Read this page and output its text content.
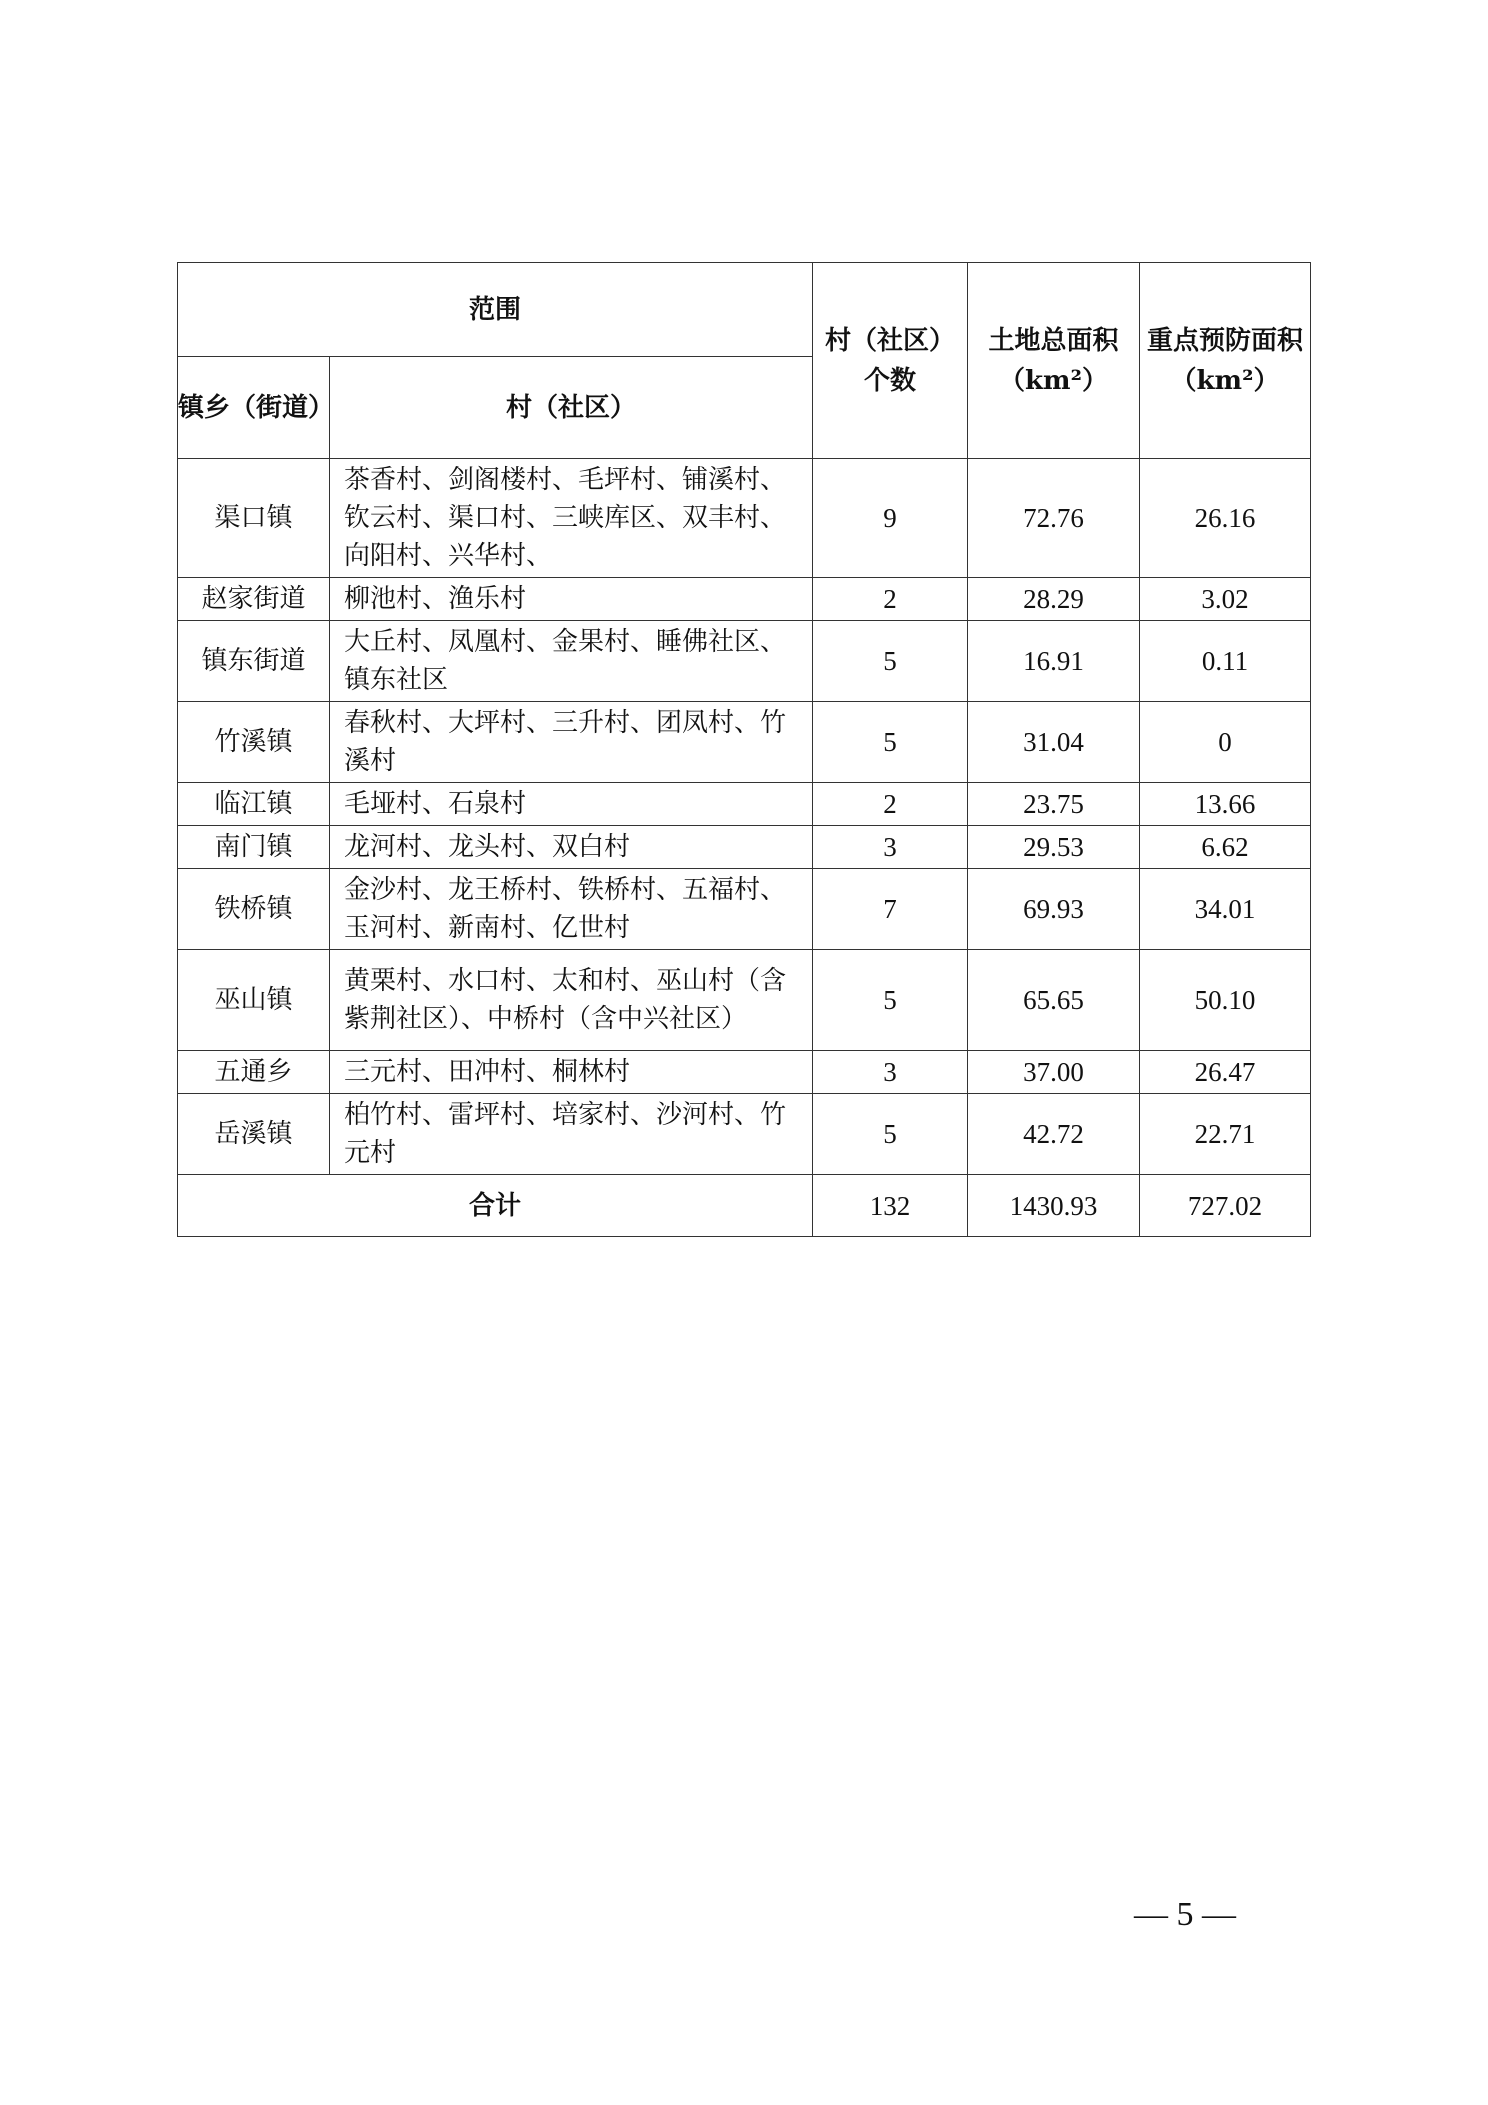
范围		村（社区）个数	土地总面积（km²）	重点预防面积（km²）
镇乡（街道）	村（社区）			
渠口镇	茶香村、剑阁楼村、毛坪村、铺溪村、钦云村、渠口村、三峡库区、双丰村、向阳村、兴华村、	9	72.76	26.16
赵家街道	柳池村、渔乐村	2	28.29	3.02
镇东街道	大丘村、凤凰村、金果村、睡佛社区、镇东社区	5	16.91	0.11
竹溪镇	春秋村、大坪村、三升村、团凤村、竹溪村	5	31.04	0
临江镇	毛垭村、石泉村	2	23.75	13.66
南门镇	龙河村、龙头村、双白村	3	29.53	6.62
铁桥镇	金沙村、龙王桥村、铁桥村、五福村、玉河村、新南村、亿世村	7	69.93	34.01
巫山镇	黄栗村、水口村、太和村、巫山村（含紫荆社区）、中桥村（含中兴社区）	5	65.65	50.10
五通乡	三元村、田冲村、桐林村	3	37.00	26.47
岳溪镇	柏竹村、雷坪村、培家村、沙河村、竹元村	5	42.72	22.71
合计		132	1430.93	727.02
— 5 —
